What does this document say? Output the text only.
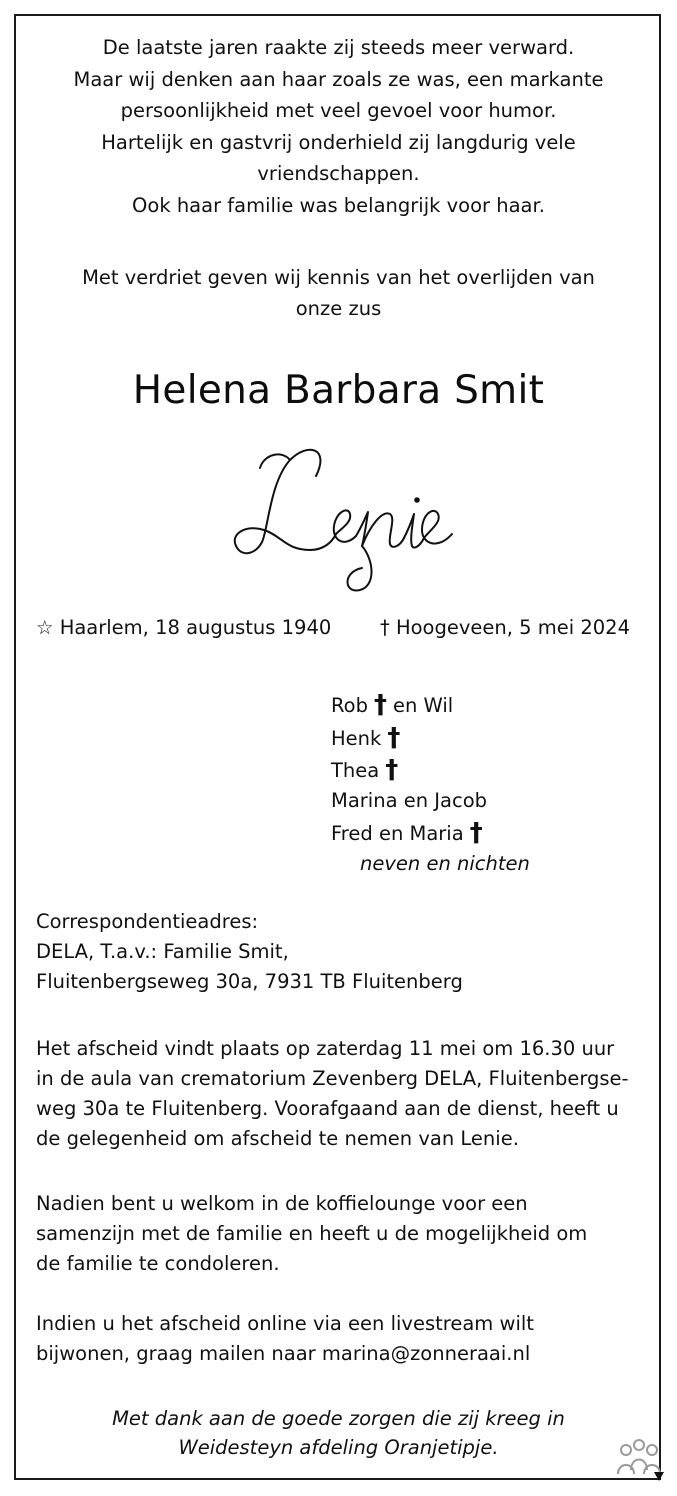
De laatste jaren raakte zij steeds meer verward.
Maar wij denken aan haar zoals ze was, een markante
persoonlijkheid met veel gevoel voor humor.
Hartelijk en gastvrij onderhield zij langdurig vele
vriendschappen.
Ook haar familie was belangrijk voor haar.
Met verdriet geven wij kennis van het overlijden van
onze zus
Helena Barbara Smit
☆ Haarlem, 18 augustus 1940 † Hoogeveen, 5 mei 2024
Rob † en Wil
Henk †
Thea †
Marina en Jacob
Fred en Maria †
neven en nichten
Correspondentieadres:
DELA, T.a.v.: Familie Smit,
Fluitenbergseweg 30a, 7931 TB Fluitenberg
Het afscheid vindt plaats op zaterdag 11 mei om 16.30 uur
in de aula van crematorium Zevenberg DELA, Fluitenbergse-
weg 30a te Fluitenberg. Voorafgaand aan de dienst, heeft u
de gelegenheid om afscheid te nemen van Lenie.
Nadien bent u welkom in de koffielounge voor een
samenzijn met de familie en heeft u de mogelijkheid om
de familie te condoleren.
Indien u het afscheid online via een livestream wilt
bijwonen, graag mailen naar marina@zonneraai.nl
Met dank aan de goede zorgen die zij kreeg in
Weidesteyn afdeling Oranjetipje.
